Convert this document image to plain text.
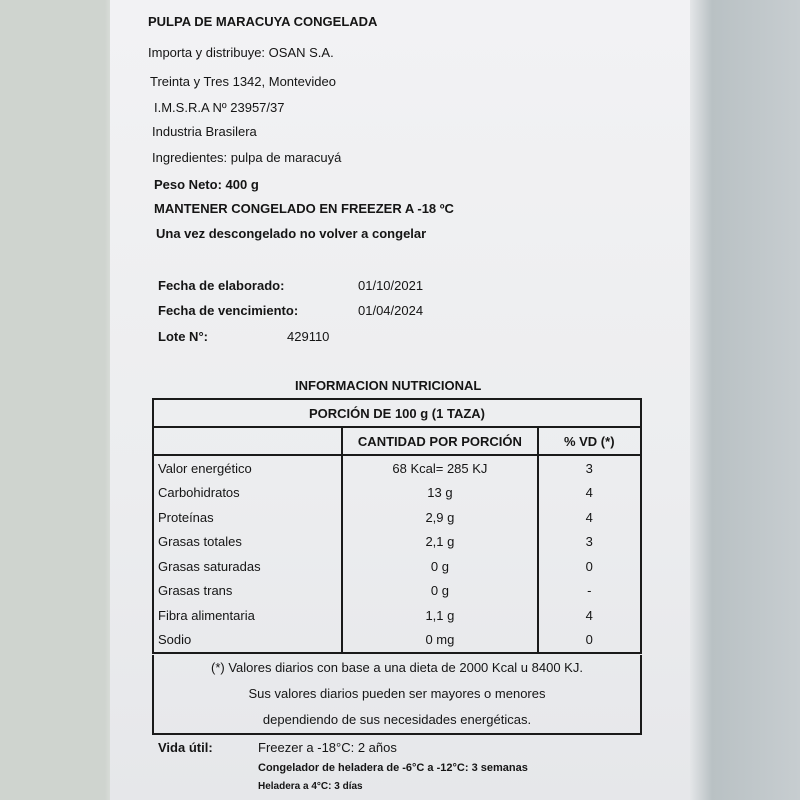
PULPA DE MARACUYA CONGELADA
Importa y distribuye: OSAN S.A.
Treinta y Tres 1342, Montevideo
I.M.S.R.A Nº 23957/37
Industria Brasilera
Ingredientes: pulpa de maracuyá
Peso Neto: 400 g
MANTENER CONGELADO EN FREEZER A -18 ºC
Una vez descongelado no volver a congelar
Fecha de elaborado:	01/10/2021
Fecha de vencimiento:	01/04/2024
Lote N°:	429110
INFORMACION NUTRICIONAL
PORCIÓN DE 100 g (1 TAZA)		
	CANTIDAD POR PORCIÓN	% VD (*)
Valor energético	68 Kcal= 285 KJ	3
Carbohidratos	13 g	4
Proteínas	2,9 g	4
Grasas totales	2,1 g	3
Grasas saturadas	0 g	0
Grasas trans	0 g	-
Fibra alimentaria	1,1 g	4
Sodio	0 mg	0
(*) Valores diarios con base a una dieta de 2000 Kcal u 8400 KJ.
Sus valores diarios pueden ser mayores o menores
dependiendo de sus necesidades energéticas.
Vida útil:	Freezer a -18°C: 2 años
Congelador de heladera de -6°C a -12°C: 3 semanas
Heladera a 4°C: 3 días
